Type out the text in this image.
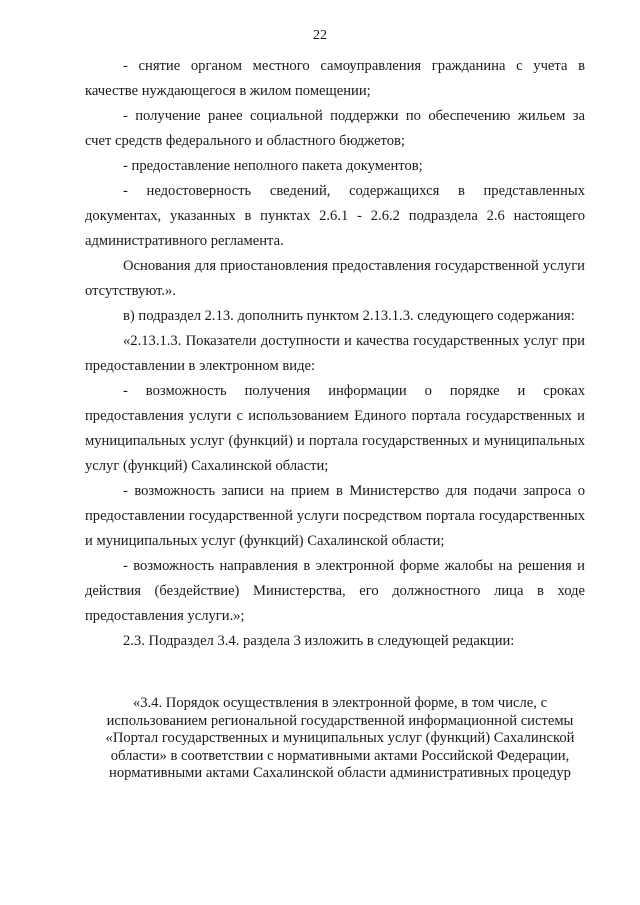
22

- снятие органом местного самоуправления гражданина с учета в качестве нуждающегося в жилом помещении;

- получение ранее социальной поддержки по обеспечению жильем за счет средств федерального и областного бюджетов;

- предоставление неполного пакета документов;

- недостоверность сведений, содержащихся в представленных документах, указанных в пунктах 2.6.1 - 2.6.2 подраздела 2.6 настоящего административного регламента.

Основания для приостановления предоставления государственной услуги отсутствуют.».

в) подраздел 2.13. дополнить пунктом 2.13.1.3. следующего содержания:

«2.13.1.3. Показатели доступности и качества государственных услуг при предоставлении в электронном виде:

- возможность получения информации о порядке и сроках предоставления услуги с использованием Единого портала государственных и муниципальных услуг (функций) и портала государственных и муниципальных услуг (функций) Сахалинской области;

- возможность записи на прием в Министерство для подачи запроса о предоставлении государственной услуги посредством портала государственных и муниципальных услуг (функций) Сахалинской области;

- возможность направления в электронной форме жалобы на решения и действия (бездействие) Министерства, его должностного лица в ходе предоставления услуги.»;

2.3. Подраздел 3.4. раздела 3 изложить в следующей редакции:

«3.4. Порядок осуществления в электронной форме, в том числе, с

использованием региональной государственной информационной системы

«Портал государственных и муниципальных услуг (функций) Сахалинской

области» в соответствии с нормативными актами Российской Федерации,

нормативными актами Сахалинской области административных процедур
